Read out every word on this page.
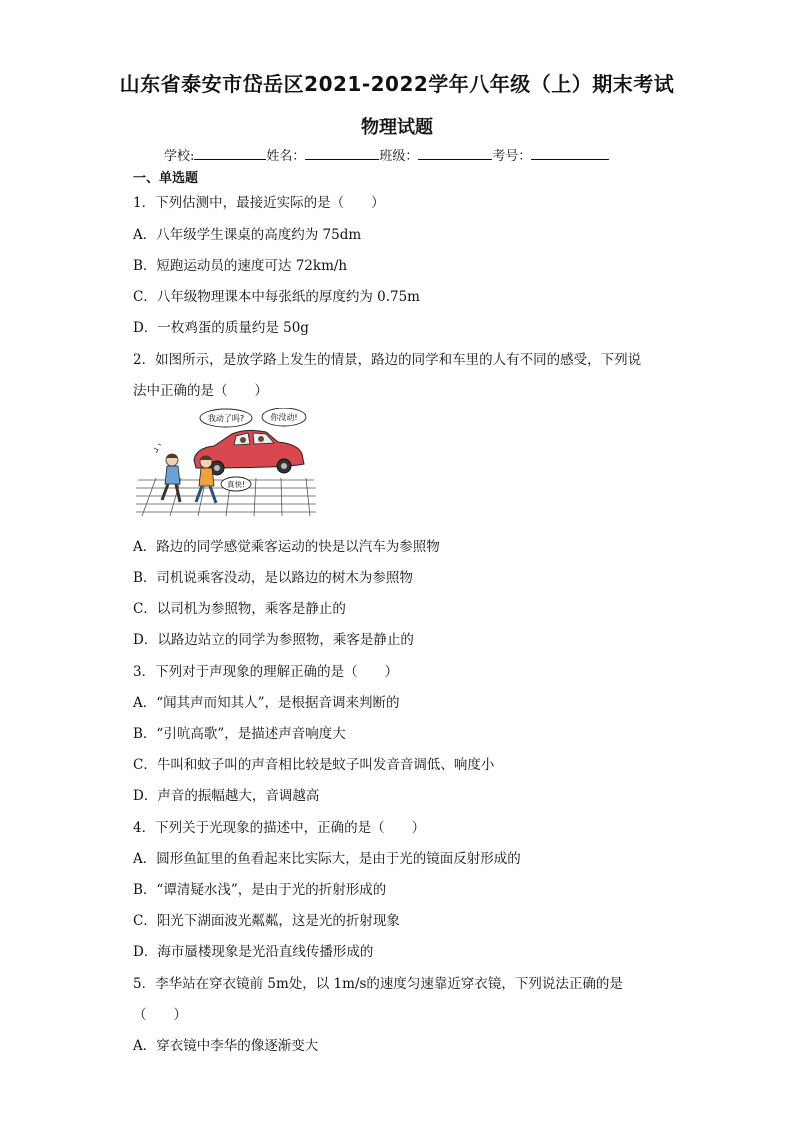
山东省泰安市岱岳区2021-2022学年八年级（上）期末考试
物理试题
学校:	姓名：	班级：	考号：
一、单选题
1．下列估测中，最接近实际的是（　　）
A．八年级学生课桌的高度约为 75dm
B．短跑运动员的速度可达 72km/h
C．八年级物理课本中每张纸的厚度约为 0.75m
D．一枚鸡蛋的质量约是 50g
2．如图所示，是放学路上发生的情景，路边的同学和车里的人有不同的感受，下列说
法中正确的是（　　）
我动了吗?	你没动!
真快!
A．路边的同学感觉乘客运动的快是以汽车为参照物
B．司机说乘客没动，是以路边的树木为参照物
C．以司机为参照物，乘客是静止的
D．以路边站立的同学为参照物，乘客是静止的
3．下列对于声现象的理解正确的是（　　）
A．“闻其声而知其人”，是根据音调来判断的
B．“引吭高歌”，是描述声音响度大
C．牛叫和蚊子叫的声音相比较是蚊子叫发音音调低、响度小
D．声音的振幅越大，音调越高
4．下列关于光现象的描述中，正确的是（　　）
A．圆形鱼缸里的鱼看起来比实际大，是由于光的镜面反射形成的
B．“谭清疑水浅”，是由于光的折射形成的
C．阳光下湖面波光粼粼，这是光的折射现象
D．海市蜃楼现象是光沿直线传播形成的
5．李华站在穿衣镜前 5m处，以 1m/s的速度匀速靠近穿衣镜，下列说法正确的是
（　　）
A．穿衣镜中李华的像逐渐变大
